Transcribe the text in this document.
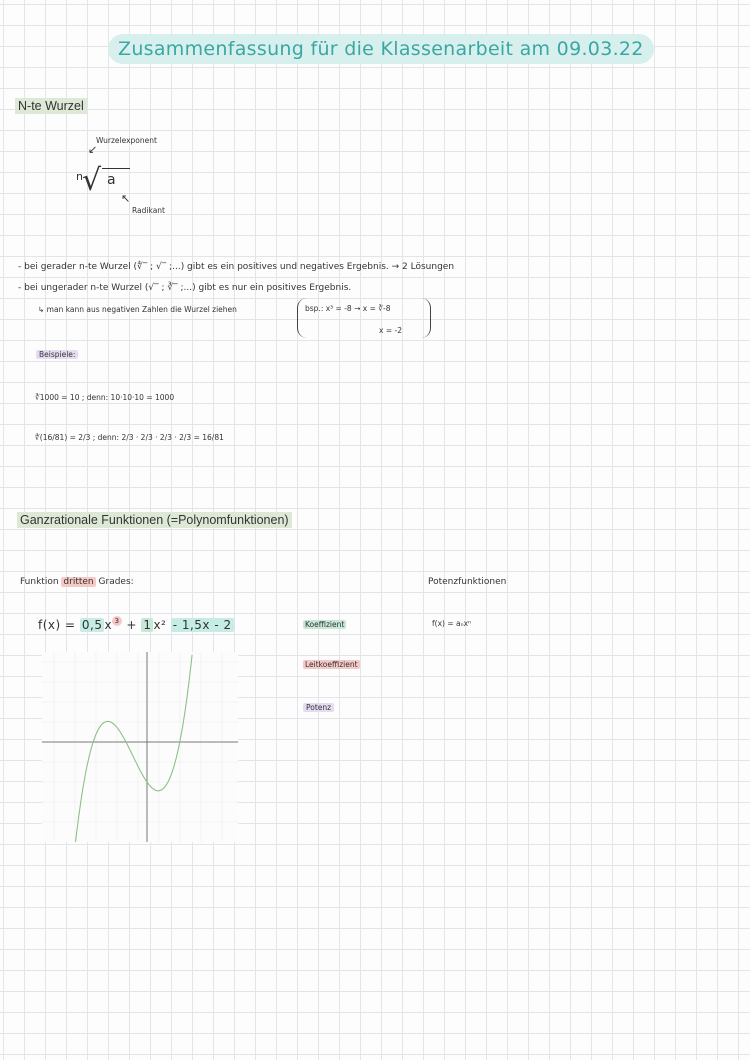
Zusammenfassung für die Klassenarbeit am 09.03.22
N-te Wurzel
Wurzelexponent
↙
n √ a
↖
Radikant
- bei gerader n-te Wurzel (∜‾ ; √‾ ;...) gibt es ein positives und negatives Ergebnis. → 2 Lösungen
- bei ungerader n-te Wurzel (√‾ ; ∛‾ ;...) gibt es nur ein positives Ergebnis.
↳ man kann aus negativen Zahlen die Wurzel ziehen	bsp.: x³ = -8 → x = ∛-8
x = -2
Beispiele:
∛1000 = 10 ; denn: 10·10·10 = 1000
∜(16/81) = 2/3 ; denn: 2/3 · 2/3 · 2/3 · 2/3 = 16/81
Ganzrationale Funktionen (=Polynomfunktionen)
Funktion dritten Grades:	Potenzfunktionen
f(x) = 0,5 x 3 + 1 x² - 1,5x - 2	Koeffizient
Leitkoeffizient
Potenz
f(x) = aₙxⁿ
